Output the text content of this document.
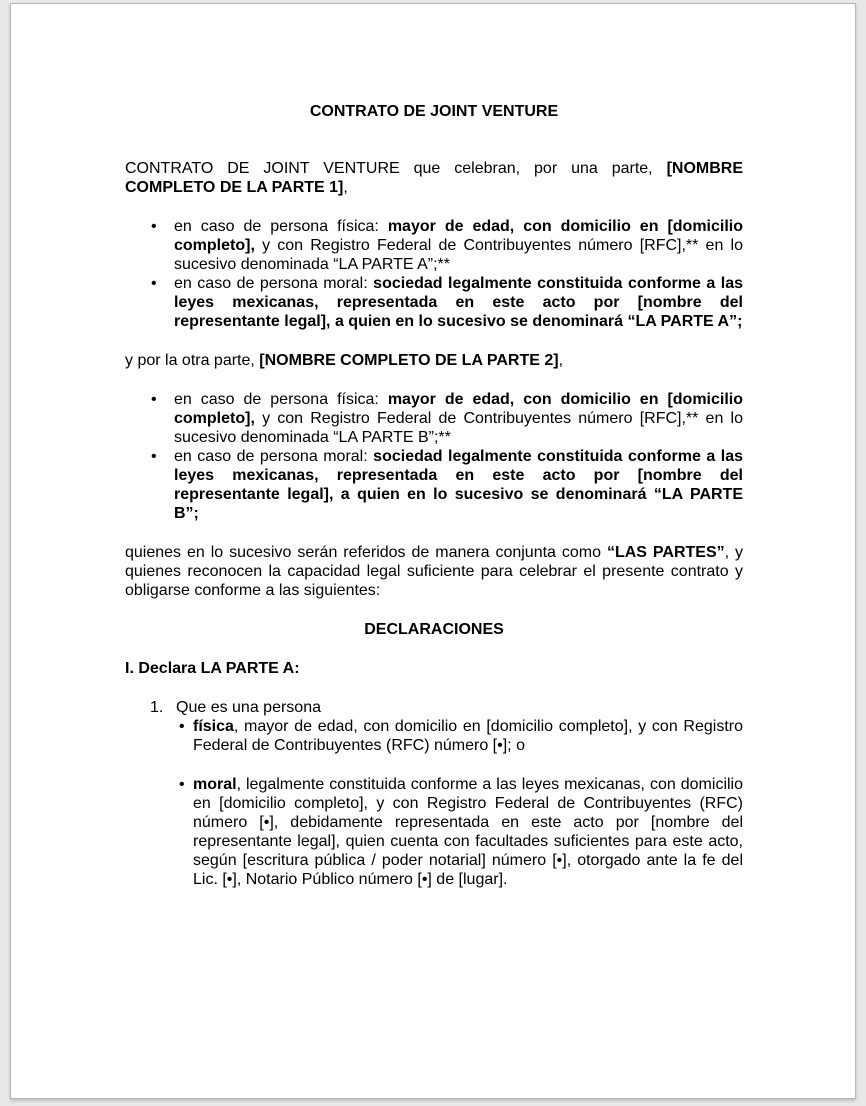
CONTRATO DE JOINT VENTURE
CONTRATO DE JOINT VENTURE que celebran, por una parte, [NOMBRE COMPLETO DE LA PARTE 1],
• en caso de persona física: mayor de edad, con domicilio en [domicilio completo], y con Registro Federal de Contribuyentes número [RFC],** en lo sucesivo denominada “LA PARTE A”;**
• en caso de persona moral: sociedad legalmente constituida conforme a las leyes mexicanas, representada en este acto por [nombre del representante legal], a quien en lo sucesivo se denominará “LA PARTE A”;
y por la otra parte, [NOMBRE COMPLETO DE LA PARTE 2],
• en caso de persona física: mayor de edad, con domicilio en [domicilio completo], y con Registro Federal de Contribuyentes número [RFC],** en lo sucesivo denominada “LA PARTE B”;**
• en caso de persona moral: sociedad legalmente constituida conforme a las leyes mexicanas, representada en este acto por [nombre del representante legal], a quien en lo sucesivo se denominará “LA PARTE B”;
quienes en lo sucesivo serán referidos de manera conjunta como “LAS PARTES”, y quienes reconocen la capacidad legal suficiente para celebrar el presente contrato y obligarse conforme a las siguientes:
DECLARACIONES
I. Declara LA PARTE A:
1. Que es una persona
• física, mayor de edad, con domicilio en [domicilio completo], y con Registro Federal de Contribuyentes (RFC) número [•]; o
• moral, legalmente constituida conforme a las leyes mexicanas, con domicilio en [domicilio completo], y con Registro Federal de Contribuyentes (RFC) número [•], debidamente representada en este acto por [nombre del representante legal], quien cuenta con facultades suficientes para este acto, según [escritura pública / poder notarial] número [•], otorgado ante la fe del Lic. [•], Notario Público número [•] de [lugar].
